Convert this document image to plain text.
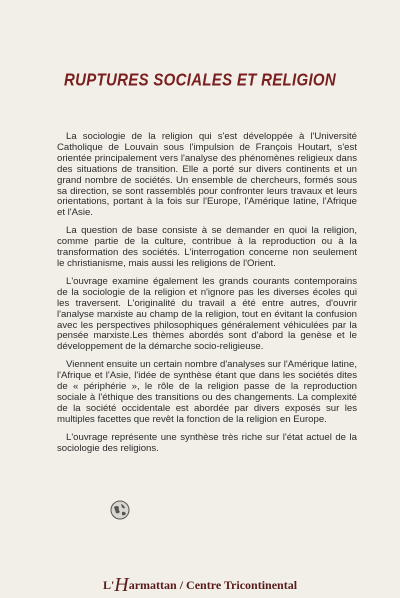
RUPTURES SOCIALES ET RELIGION

La sociologie de la religion qui s'est développée à l'Université Catholique de Louvain sous l'impulsion de François Houtart, s'est orientée principalement vers l'analyse des phénomènes religieux dans des situations de transition. Elle a porté sur divers continents et un grand nombre de sociétés. Un ensemble de chercheurs, formés sous sa direction, se sont rassemblés pour confronter leurs travaux et leurs orientations, portant à la fois sur l'Europe, l'Amérique latine, l'Afrique et l'Asie.

La question de base consiste à se demander en quoi la religion, comme partie de la culture, contribue à la reproduction ou à la transformation des sociétés. L'interrogation concerne non seulement le christianisme, mais aussi les religions de l'Orient.

L'ouvrage examine également les grands courants contemporains de la sociologie de la religion et n'ignore pas les diverses écoles qui les traversent. L'originalité du travail a été entre autres, d'ouvrir l'analyse marxiste au champ de la religion, tout en évitant la confusion avec les perspectives philosophiques généralement véhiculées par la pensée marxiste.Les thèmes abordés sont d'abord la genèse et le développement de la démarche socio-religieuse.

Viennent ensuite un certain nombre d'analyses sur l'Amérique latine, l'Afrique et l'Asie, l'idée de synthèse étant que dans les sociétés dites de « périphérie », le rôle de la religion passe de la reproduction sociale à l'éthique des transitions ou des changements. La complexité de la société occidentale est abordée par divers exposés sur les multiples facettes que revêt la fonction de la religion en Europe.

L'ouvrage représente une synthèse très riche sur l'état actuel de la sociologie des religions.

L'Harmattan / Centre Tricontinental
